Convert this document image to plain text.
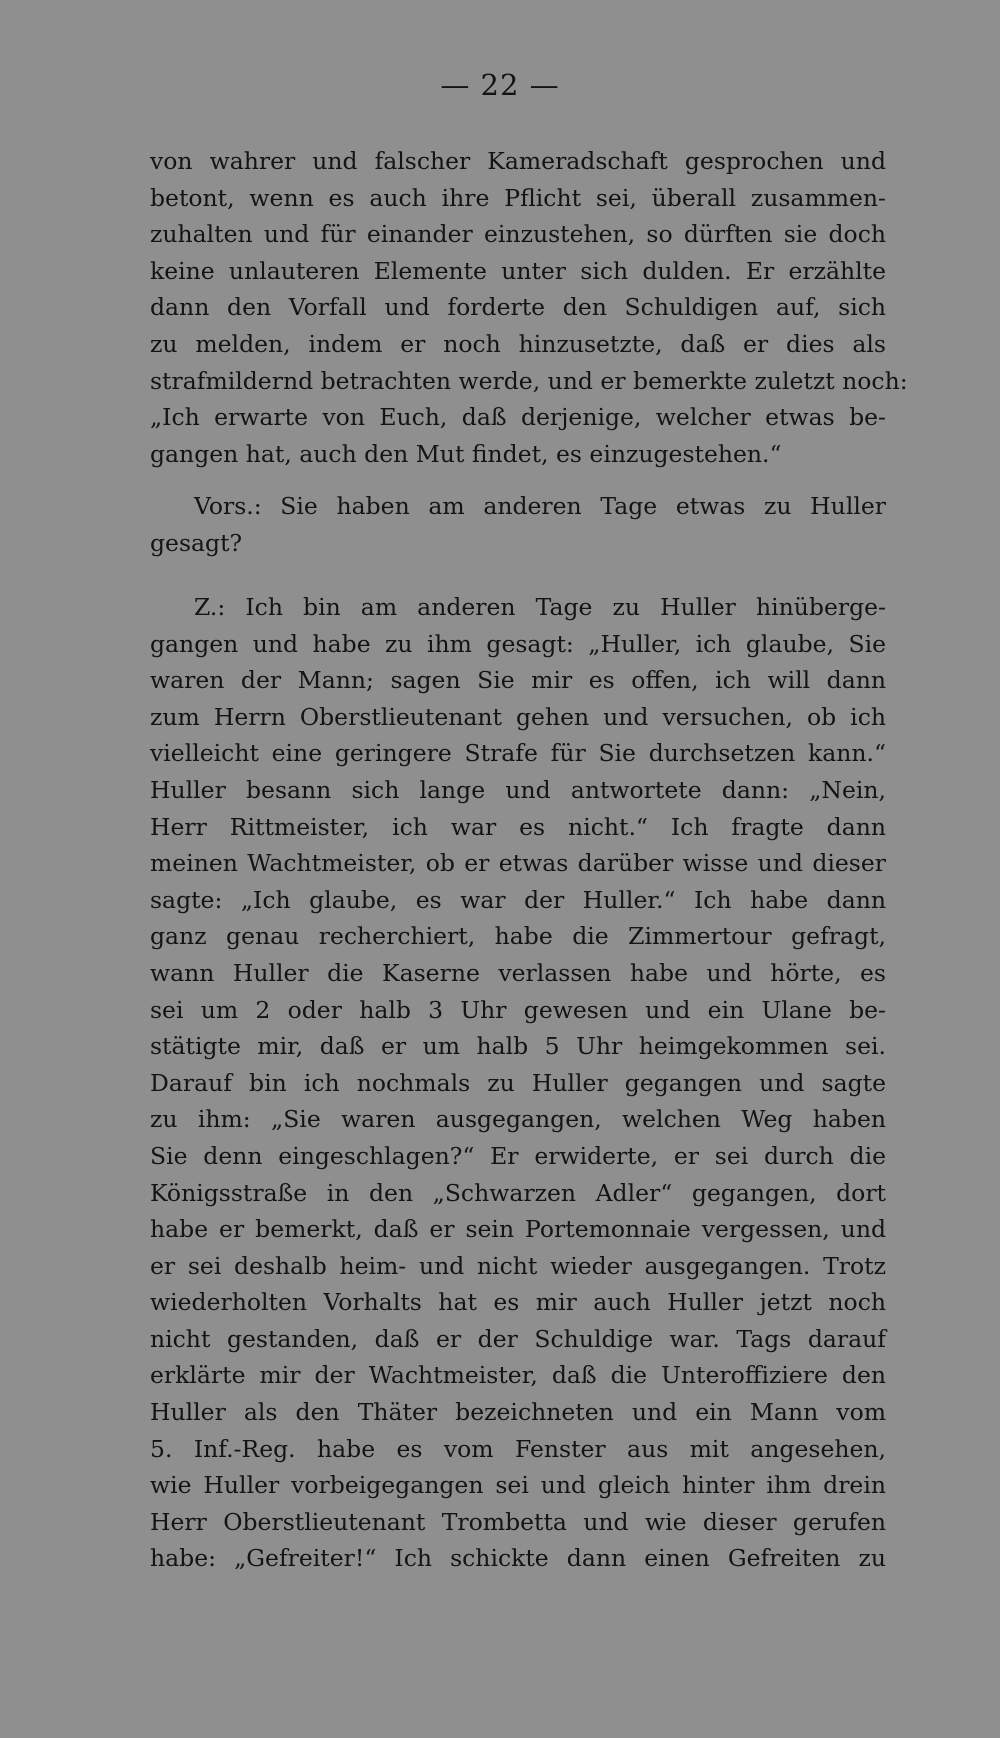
— 22 —
von wahrer und falscher Kameradschaft gesprochen und
betont, wenn es auch ihre Pflicht sei, überall zusammen-
zuhalten und für einander einzustehen, so dürften sie doch
keine unlauteren Elemente unter sich dulden. Er erzählte
dann den Vorfall und forderte den Schuldigen auf, sich
zu melden, indem er noch hinzusetzte, daß er dies als
strafmildernd betrachten werde, und er bemerkte zuletzt noch:
„Ich erwarte von Euch, daß derjenige, welcher etwas be-
gangen hat, auch den Mut findet, es einzugestehen.“
Vors.: Sie haben am anderen Tage etwas zu Huller
gesagt?
Z.: Ich bin am anderen Tage zu Huller hinüberge-
gangen und habe zu ihm gesagt: „Huller, ich glaube, Sie
waren der Mann; sagen Sie mir es offen, ich will dann
zum Herrn Oberstlieutenant gehen und versuchen, ob ich
vielleicht eine geringere Strafe für Sie durchsetzen kann.“
Huller besann sich lange und antwortete dann: „Nein,
Herr Rittmeister, ich war es nicht.“ Ich fragte dann
meinen Wachtmeister, ob er etwas darüber wisse und dieser
sagte: „Ich glaube, es war der Huller.“ Ich habe dann
ganz genau recherchiert, habe die Zimmertour gefragt,
wann Huller die Kaserne verlassen habe und hörte, es
sei um 2 oder halb 3 Uhr gewesen und ein Ulane be-
stätigte mir, daß er um halb 5 Uhr heimgekommen sei.
Darauf bin ich nochmals zu Huller gegangen und sagte
zu ihm: „Sie waren ausgegangen, welchen Weg haben
Sie denn eingeschlagen?“ Er erwiderte, er sei durch die
Königsstraße in den „Schwarzen Adler“ gegangen, dort
habe er bemerkt, daß er sein Portemonnaie vergessen, und
er sei deshalb heim- und nicht wieder ausgegangen. Trotz
wiederholten Vorhalts hat es mir auch Huller jetzt noch
nicht gestanden, daß er der Schuldige war. Tags darauf
erklärte mir der Wachtmeister, daß die Unteroffiziere den
Huller als den Thäter bezeichneten und ein Mann vom
5. Inf.-Reg. habe es vom Fenster aus mit angesehen,
wie Huller vorbeigegangen sei und gleich hinter ihm drein
Herr Oberstlieutenant Trombetta und wie dieser gerufen
habe: „Gefreiter!“ Ich schickte dann einen Gefreiten zu
